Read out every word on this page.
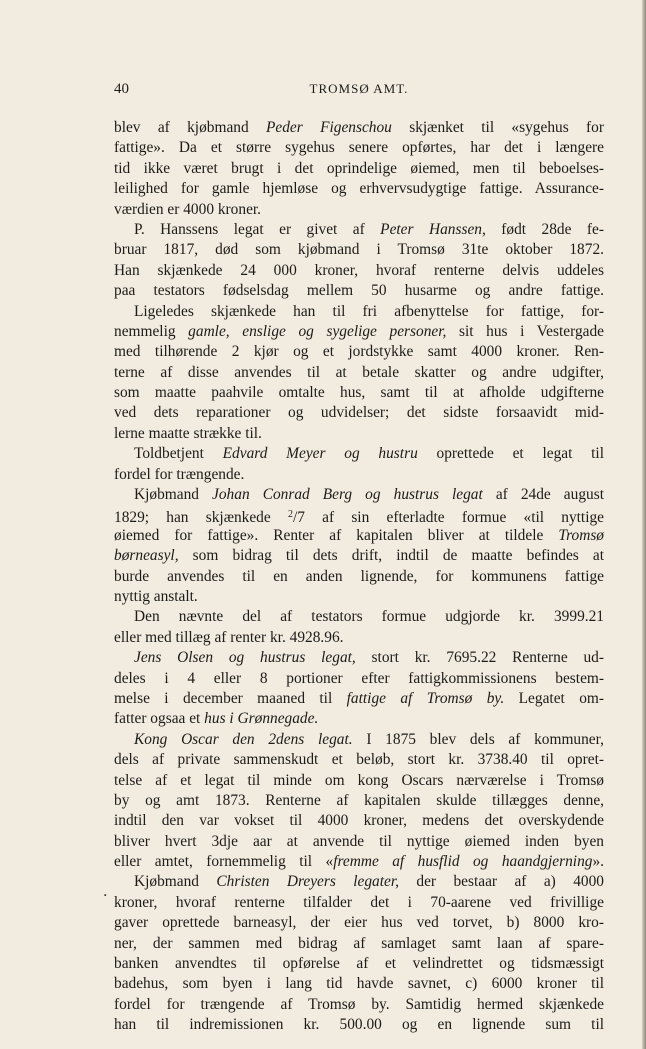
40	TROMSØ AMT.
.
blev af kjøbmand Peder Figenschou skjænket til «sygehus for
fattige». Da et større sygehus senere opførtes, har det i længere
tid ikke været brugt i det oprindelige øiemed, men til beboelses-
leilighed for gamle hjemløse og erhvervsudygtige fattige. Assurance-
værdien er 4000 kroner.
P. Hanssens legat er givet af Peter Hanssen, født 28de fe-
bruar 1817, død som kjøbmand i Tromsø 31te oktober 1872.
Han skjænkede 24 000 kroner, hvoraf renterne delvis uddeles
paa testators fødselsdag mellem 50 husarme og andre fattige.
Ligeledes skjænkede han til fri afbenyttelse for fattige, for-
nemmelig gamle, enslige og sygelige personer, sit hus i Vestergade
med tilhørende 2 kjør og et jordstykke samt 4000 kroner. Ren-
terne af disse anvendes til at betale skatter og andre udgifter,
som maatte paahvile omtalte hus, samt til at afholde udgifterne
ved dets reparationer og udvidelser; det sidste forsaavidt mid-
lerne maatte strække til.
Toldbetjent Edvard Meyer og hustru oprettede et legat til
fordel for trængende.
Kjøbmand Johan Conrad Berg og hustrus legat af 24de august
1829; han skjænkede $^2$/7 af sin efterladte formue «til nyttige
øiemed for fattige». Renter af kapitalen bliver at tildele Tromsø
børneasyl, som bidrag til dets drift, indtil de maatte befindes at
burde anvendes til en anden lignende, for kommunens fattige
nyttig anstalt.
Den nævnte del af testators formue udgjorde kr. 3999.21
eller med tillæg af renter kr. 4928.96.
Jens Olsen og hustrus legat, stort kr. 7695.22 Renterne ud-
deles i 4 eller 8 portioner efter fattigkommissionens bestem-
melse i december maaned til fattige af Tromsø by. Legatet om-
fatter ogsaa et hus i Grønnegade.
Kong Oscar den 2dens legat. I 1875 blev dels af kommuner,
dels af private sammenskudt et beløb, stort kr. 3738.40 til opret-
telse af et legat til minde om kong Oscars nærværelse i Tromsø
by og amt 1873. Renterne af kapitalen skulde tillægges denne,
indtil den var vokset til 4000 kroner, medens det overskydende
bliver hvert 3dje aar at anvende til nyttige øiemed inden byen
eller amtet, fornemmelig til «fremme af husflid og haandgjerning».
Kjøbmand Christen Dreyers legater, der bestaar af a) 4000
kroner, hvoraf renterne tilfalder det i 70-aarene ved frivillige
gaver oprettede barneasyl, der eier hus ved torvet, b) 8000 kro-
ner, der sammen med bidrag af samlaget samt laan af spare-
banken anvendtes til opførelse af et velindrettet og tidsmæssigt
badehus, som byen i lang tid havde savnet, c) 6000 kroner til
fordel for trængende af Tromsø by. Samtidig hermed skjænkede
han til indremissionen kr. 500.00 og en lignende sum til
